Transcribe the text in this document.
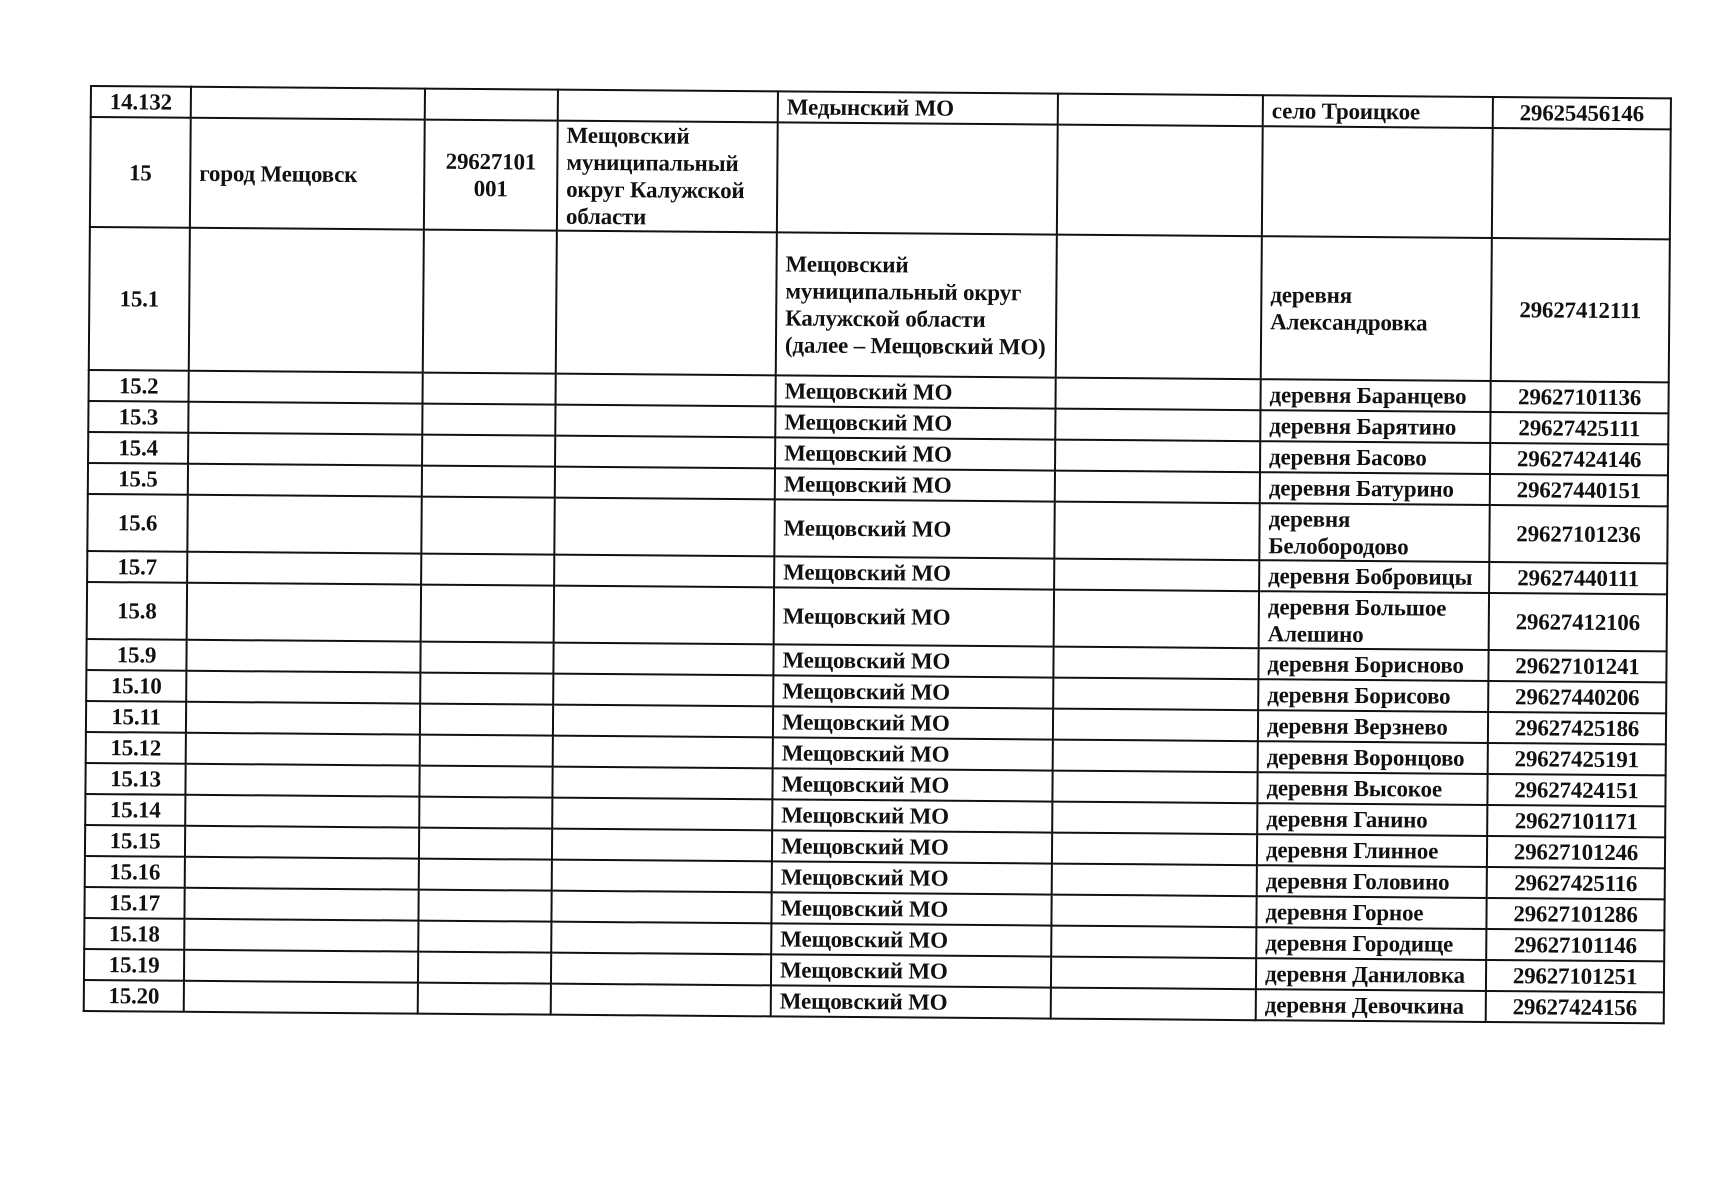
14.132				Медынский МО		село Троицкое	29625456146
15	город Мещовск	29627101 001	Мещовский муниципальный округ Калужской области				
15.1				Мещовский муниципальный округ Калужской области (далее – Мещовский МО)		деревня Александровка	29627412111
15.2				Мещовский МО		деревня Баранцево	29627101136
15.3				Мещовский МО		деревня Барятино	29627425111
15.4				Мещовский МО		деревня Басово	29627424146
15.5				Мещовский МО		деревня Батурино	29627440151
15.6				Мещовский МО		деревня Белобородово	29627101236
15.7				Мещовский МО		деревня Бобровицы	29627440111
15.8				Мещовский МО		деревня Большое Алешино	29627412106
15.9				Мещовский МО		деревня Борисново	29627101241
15.10				Мещовский МО		деревня Борисово	29627440206
15.11				Мещовский МО		деревня Верзнево	29627425186
15.12				Мещовский МО		деревня Воронцово	29627425191
15.13				Мещовский МО		деревня Высокое	29627424151
15.14				Мещовский МО		деревня Ганино	29627101171
15.15				Мещовский МО		деревня Глинное	29627101246
15.16				Мещовский МО		деревня Головино	29627425116
15.17				Мещовский МО		деревня Горное	29627101286
15.18				Мещовский МО		деревня Городище	29627101146
15.19				Мещовский МО		деревня Даниловка	29627101251
15.20				Мещовский МО		деревня Девочкина	29627424156
